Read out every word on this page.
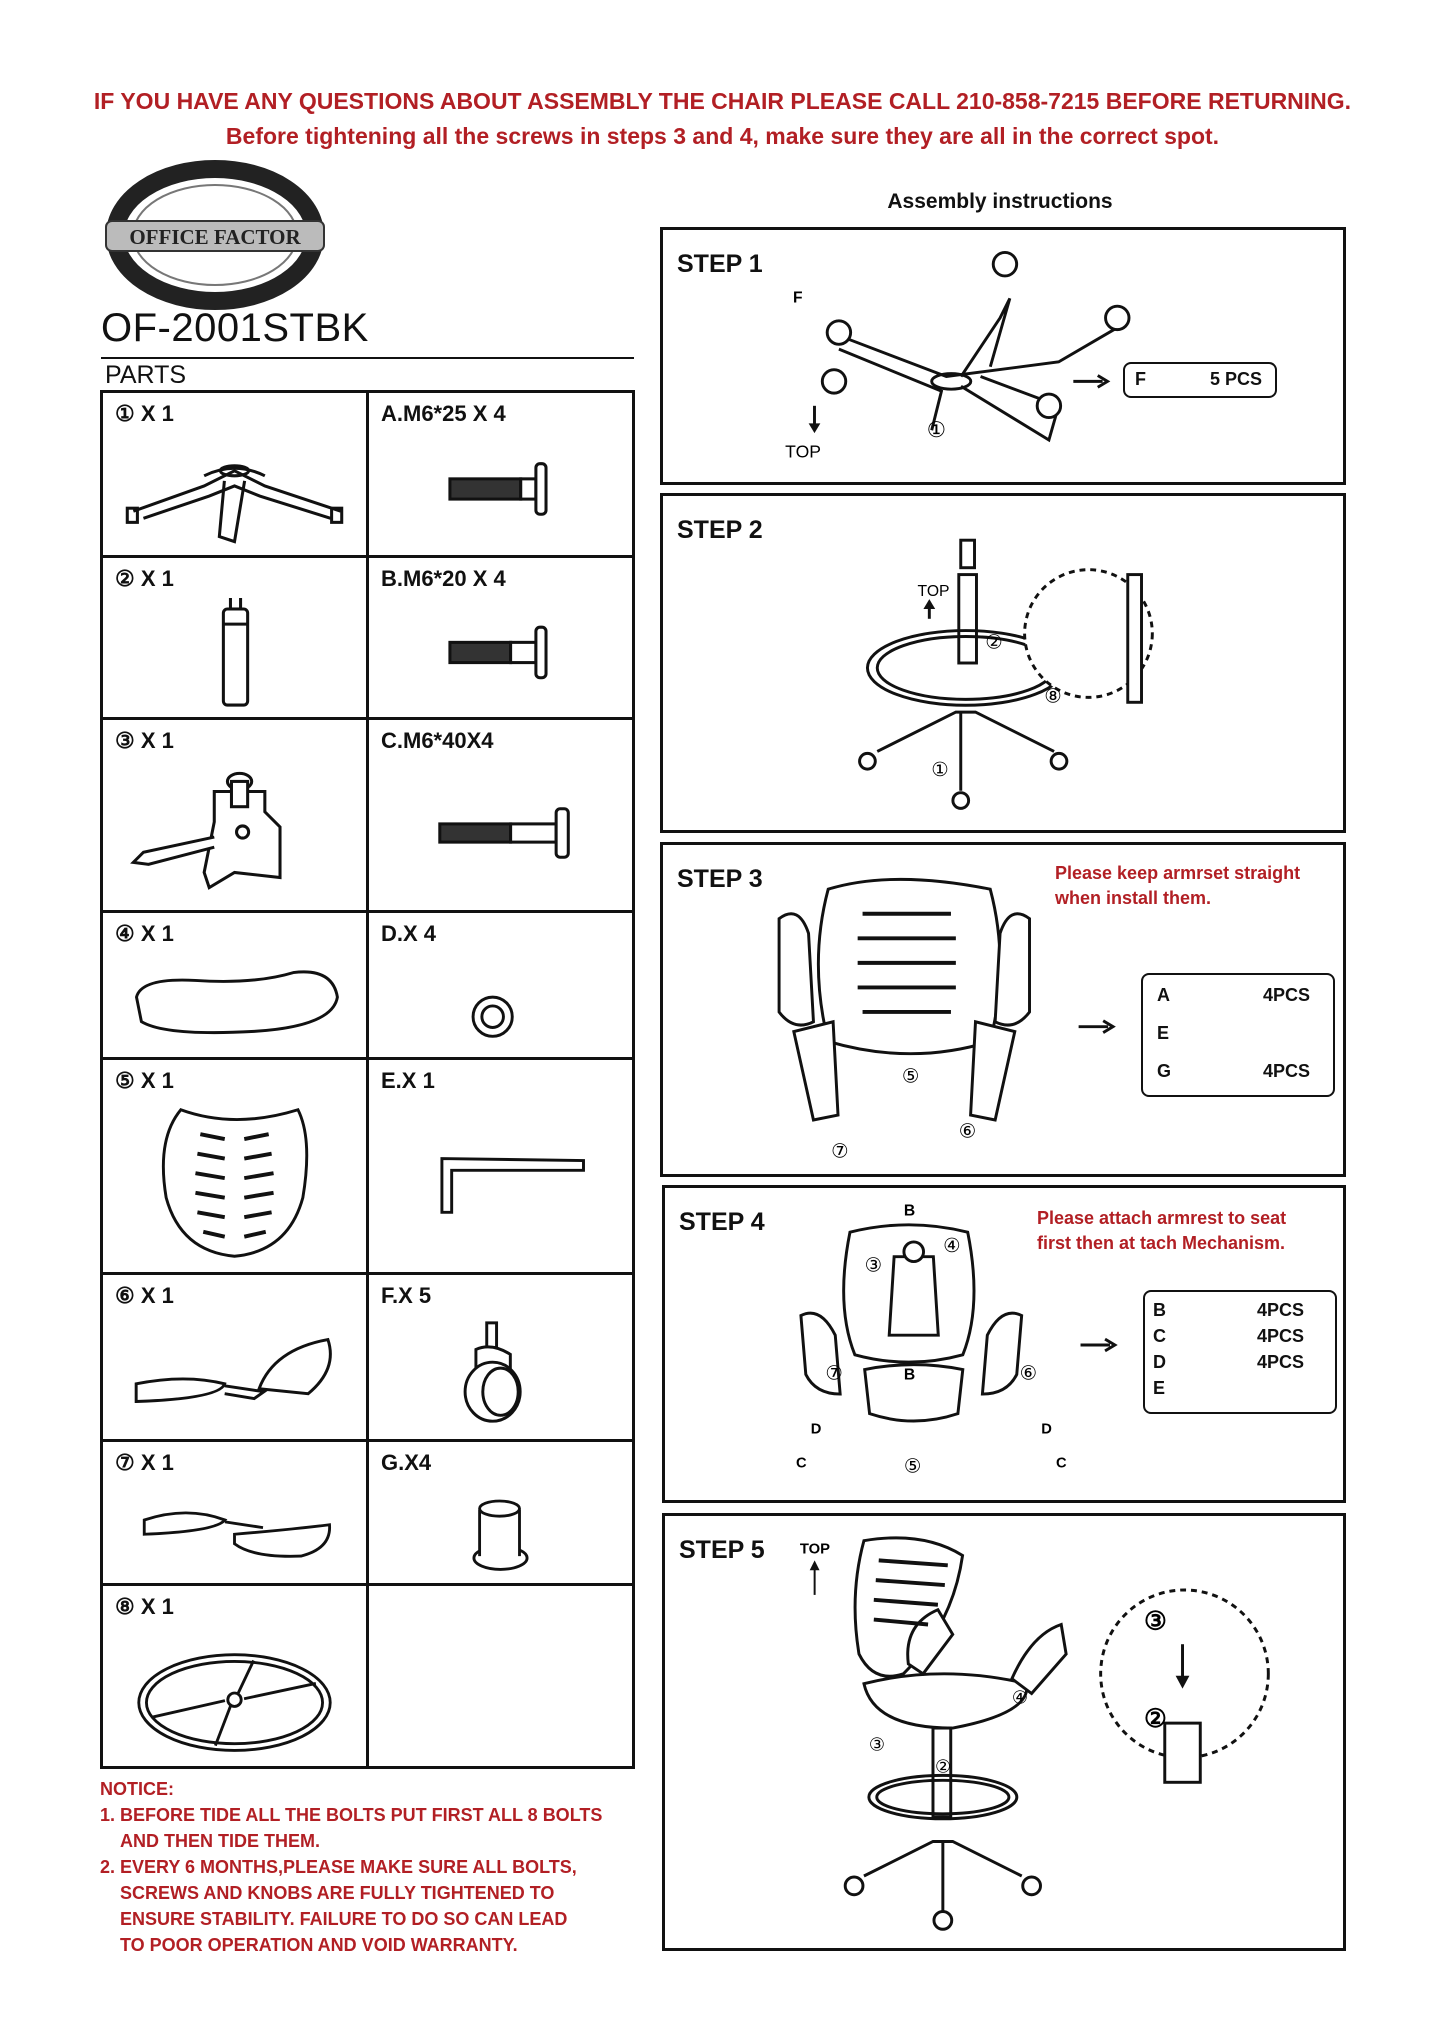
IF YOU HAVE ANY QUESTIONS ABOUT ASSEMBLY THE CHAIR PLEASE CALL 210-858-7215 BEFORE RETURNING.
Before tightening all the screws in steps 3 and 4, make sure they are all in the correct spot.
OFFICE FACTOR
OF-2001STBK
PARTS
① X 1	A.M6*25 X 4

② X 1	B.M6*20 X 4

③ X 1	C.M6*40X4

④ X 1	D.X 4

⑤ X 1	E.X 1

⑥ X 1	F.X 5

⑦ X 1	G.X4

⑧ X 1	

NOTICE:
1. BEFORE TIDE ALL THE BOLTS PUT FIRST ALL 8 BOLTS
AND THEN TIDE THEM.
2. EVERY 6 MONTHS,PLEASE MAKE SURE ALL BOLTS,
SCREWS AND KNOBS ARE FULLY TIGHTENED TO
ENSURE STABILITY. FAILURE TO DO SO CAN LEAD
TO POOR OPERATION AND VOID WARRANTY.
Assembly instructions
STEP 1
F
TOP
①
F	5 PCS
STEP 2
TOP
②
⑧
①
STEP 3	Please keep armrset straight
when install them.
⑤
⑥
⑦
A	4PCS
E
G	4PCS
STEP 4	Please attach armrest to seat
first then at tach Mechanism.
B
B
③
④
⑤
⑥
⑦
D
C
D
C
B	4PCS
C	4PCS
D	4PCS
E
STEP 5 TOP
④
③
②
③
②
